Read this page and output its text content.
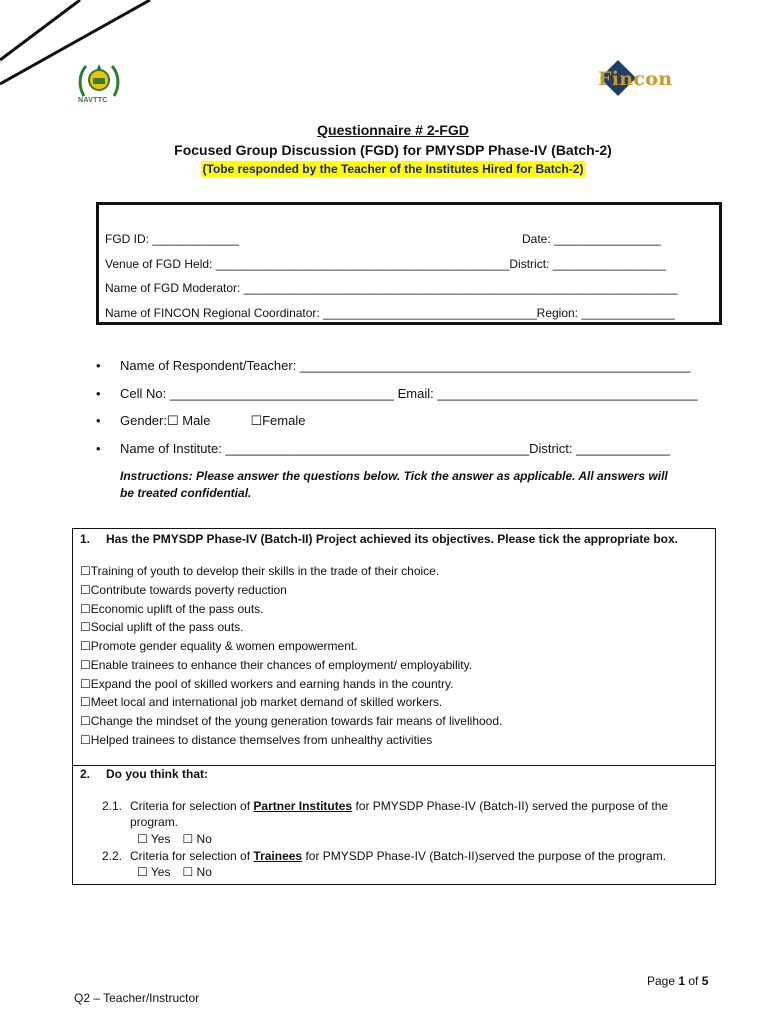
NAVTTC
Fincon
Questionnaire # 2-FGD
Focused Group Discussion (FGD) for PMYSDP Phase-IV (Batch-2)
(Tobe responded by the Teacher of the Institutes Hired for Batch-2)
FGD ID: _____________	Date: ________________
Venue of FGD Held: ____________________________________________District: _________________
Name of FGD Moderator: _________________________________________________________________
Name of FINCON Regional Coordinator: ________________________________Region: ______________
• Name of Respondent/Teacher: ______________________________________________________
• Cell No: _______________________________ Email: ____________________________________
• Gender:☐ Male	☐Female
• Name of Institute: __________________________________________District: _____________
Instructions: Please answer the questions below. Tick the answer as applicable. All answers will be treated confidential.
1. Has the PMYSDP Phase-IV (Batch-II) Project achieved its objectives. Please tick the appropriate box.
☐Training of youth to develop their skills in the trade of their choice.
☐Contribute towards poverty reduction
☐Economic uplift of the pass outs.
☐Social uplift of the pass outs.
☐Promote gender equality & women empowerment.
☐Enable trainees to enhance their chances of employment/ employability.
☐Expand the pool of skilled workers and earning hands in the country.
☐Meet local and international job market demand of skilled workers.
☐Change the mindset of the young generation towards fair means of livelihood.
☐Helped trainees to distance themselves from unhealthy activities
2. Do you think that:
2.1. Criteria for selection of Partner Institutes for PMYSDP Phase-IV (Batch-II) served the purpose of the
program.
☐ Yes ☐ No
2.2. Criteria for selection of Trainees for PMYSDP Phase-IV (Batch-II)served the purpose of the program.
☐ Yes ☐ No
Page 1 of 5
Q2 – Teacher/Instructor
